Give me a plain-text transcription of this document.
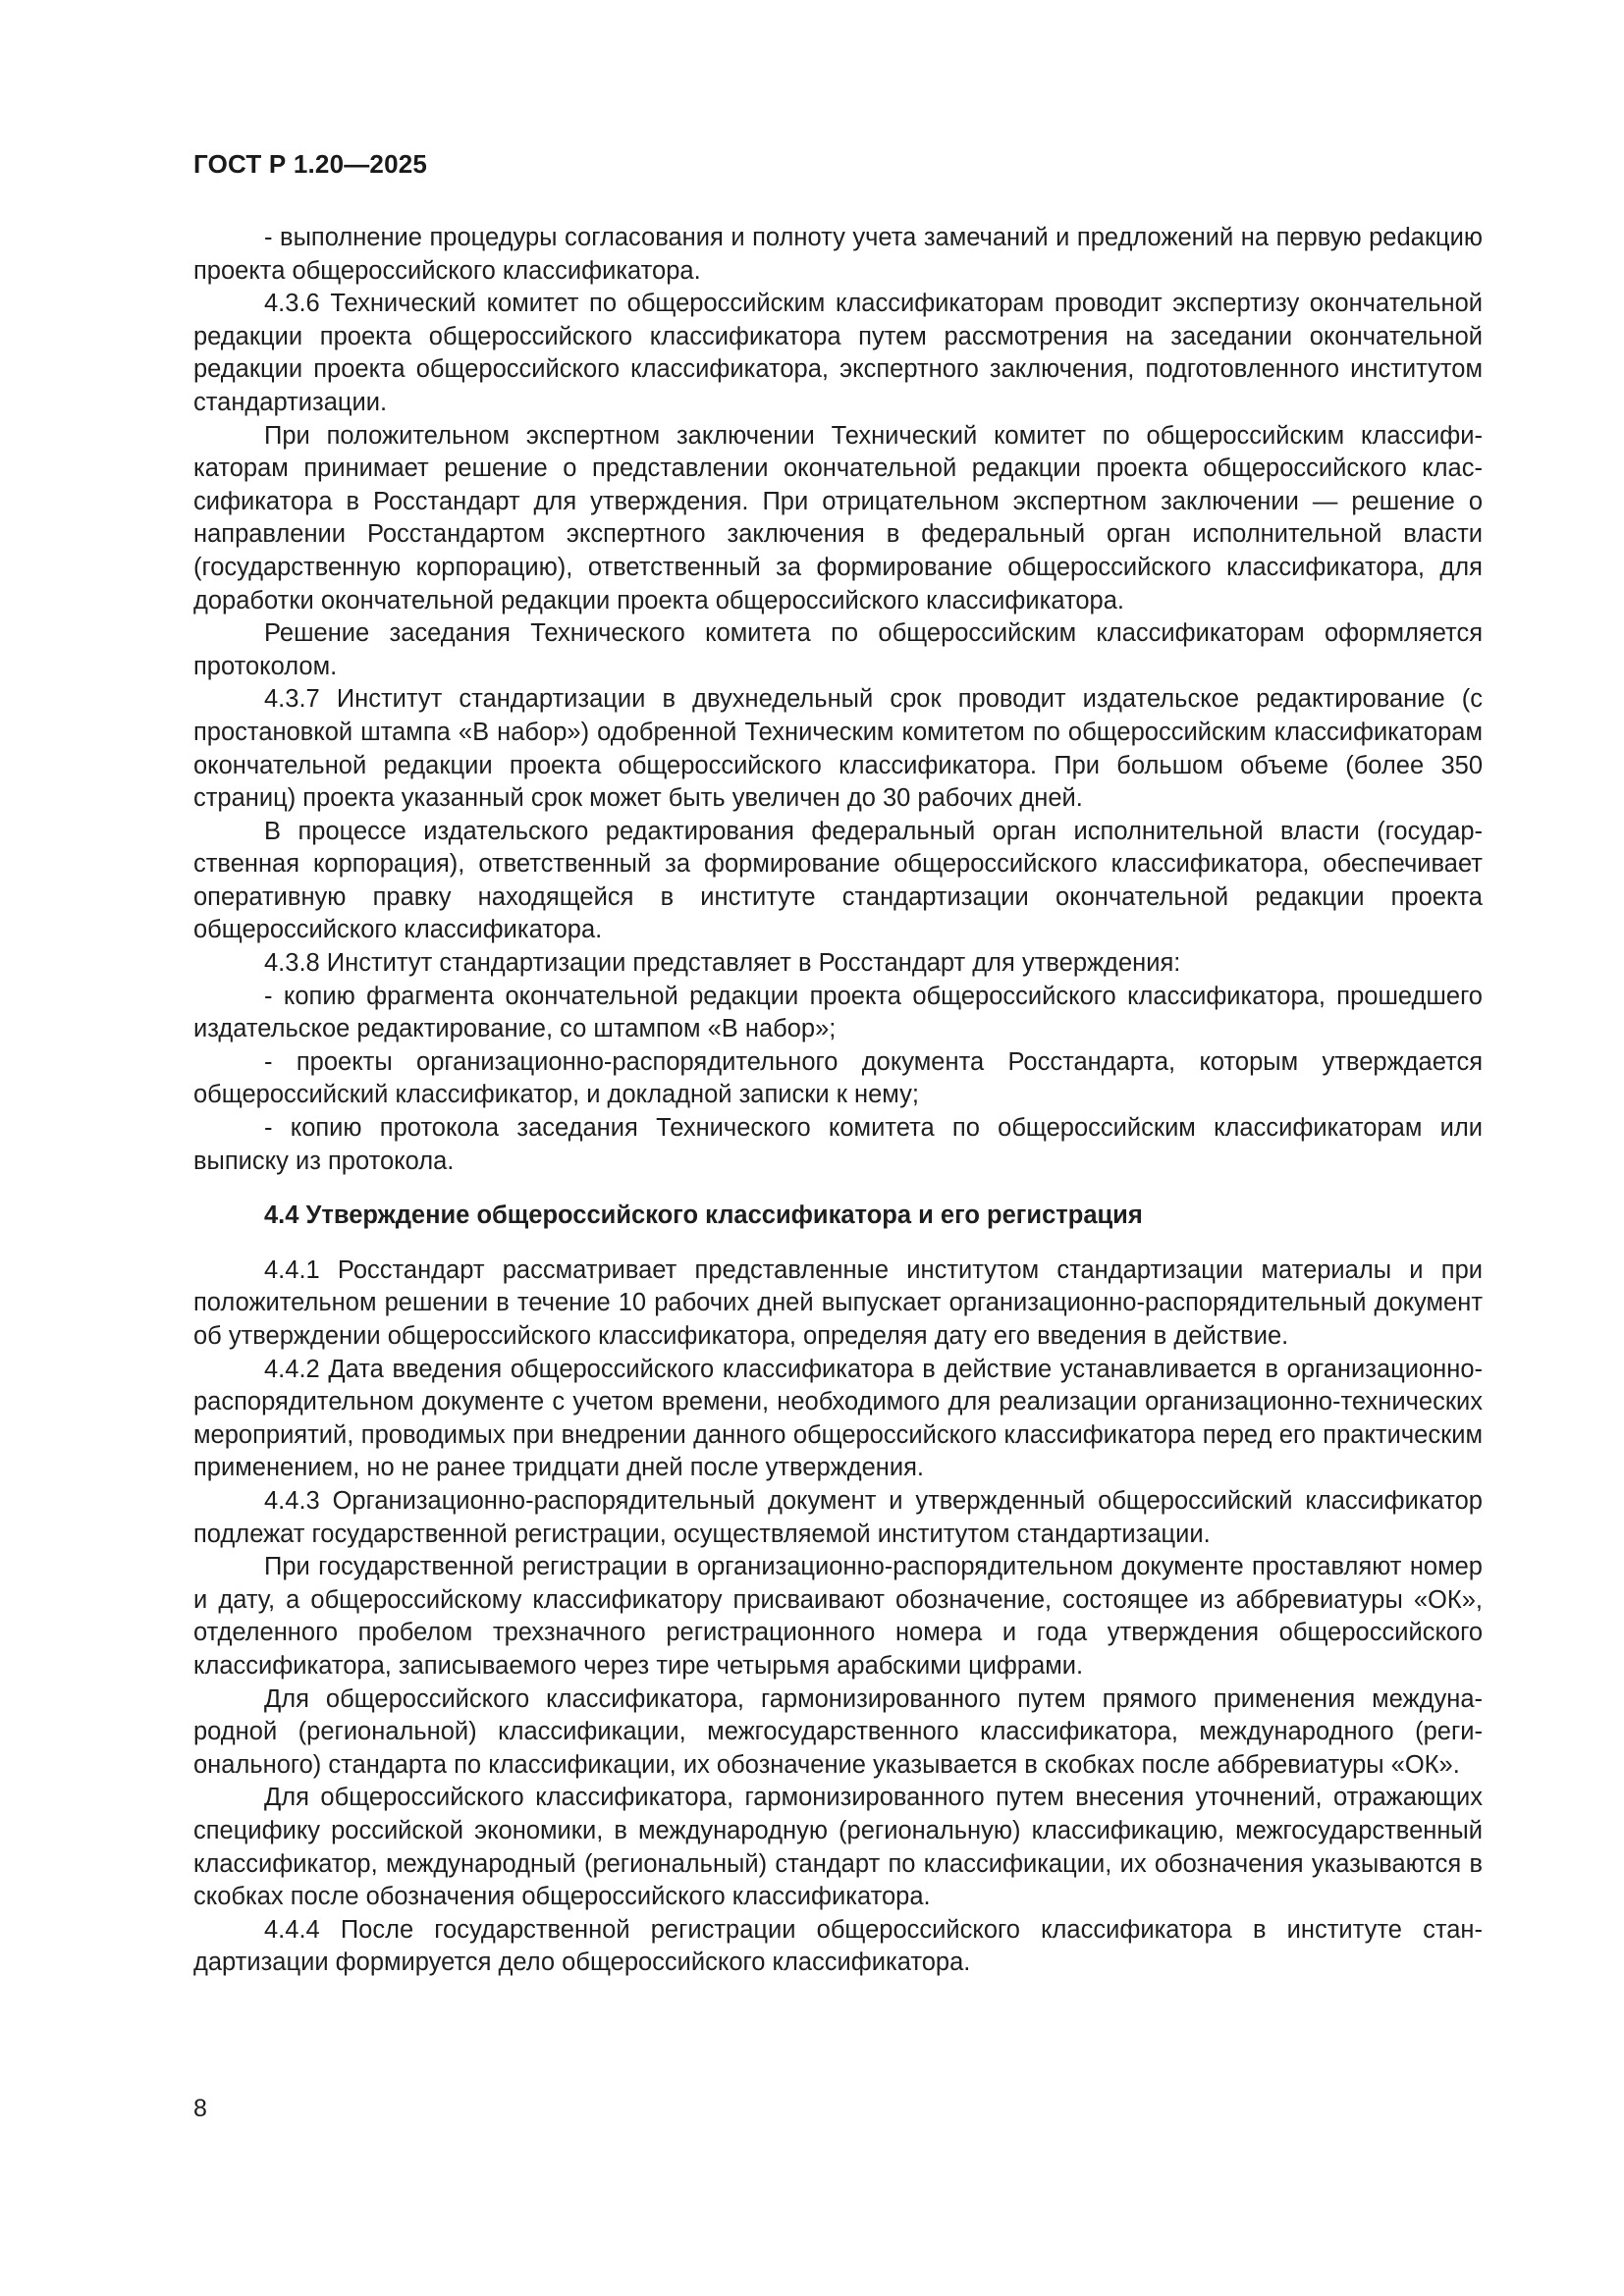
ГОСТ Р 1.20—2025

- выполнение процедуры согласования и полноту учета замечаний и предложений на первую реdакцию проекта общероссийского классификатора.

4.3.6 Технический комитет по общероссийским классификаторам проводит экспертизу окончательной редакции проекта общероссийского классификатора путем рассмотрения на заседании окончательной редакции проекта общероссийского классификатора, экспертного заключения, подготовленного институтом стандартизации.

При положительном экспертном заключении Технический комитет по общероссийским классификаторам принимает решение о представлении окончательной редакции проекта общероссийского классификатора в Росстандарт для утверждения. При отрицательном экспертном заключении — решение о направлении Росстандартом экспертного заключения в федеральный орган исполнительной власти (государственную корпорацию), ответственный за формирование общероссийского классификатора, для доработки окончательной редакции проекта общероссийского классификатора.

Решение заседания Технического комитета по общероссийским классификаторам оформляется протоколом.

4.3.7 Институт стандартизации в двухнедельный срок проводит издательское редактирование (с простановкой штампа «В набор») одобренной Техническим комитетом по общероссийским классификаторам окончательной редакции проекта общероссийского классификатора. При большом объеме (более 350 страниц) проекта указанный срок может быть увеличен до 30 рабочих дней.

В процессе издательского редактирования федеральный орган исполнительной власти (государственная корпорация), ответственный за формирование общероссийского классификатора, обеспечивает оперативную правку находящейся в институте стандартизации окончательной редакции проекта общероссийского классификатора.

4.3.8 Институт стандартизации представляет в Росстандарт для утверждения:

- копию фрагмента окончательной редакции проекта общероссийского классификатора, прошедшего издательское редактирование, со штампом «В набор»;

- проекты организационно-распорядительного документа Росстандарта, которым утверждается общероссийский классификатор, и докладной записки к нему;

- копию протокола заседания Технического комитета по общероссийским классификаторам или выписку из протокола.

4.4 Утверждение общероссийского классификатора и его регистрация

4.4.1 Росстандарт рассматривает представленные институтом стандартизации материалы и при положительном решении в течение 10 рабочих дней выпускает организационно-распорядительный документ об утверждении общероссийского классификатора, определяя дату его введения в действие.

4.4.2 Дата введения общероссийского классификатора в действие устанавливается в организационно-распорядительном документе с учетом времени, необходимого для реализации организационно-технических мероприятий, проводимых при внедрении данного общероссийского классификатора перед его практическим применением, но не ранее тридцати дней после утверждения.

4.4.3 Организационно-распорядительный документ и утвержденный общероссийский классификатор подлежат государственной регистрации, осуществляемой институтом стандартизации.

При государственной регистрации в организационно-распорядительном документе проставляют номер и дату, а общероссийскому классификатору присваивают обозначение, состоящее из аббревиатуры «ОК», отделенного пробелом трехзначного регистрационного номера и года утверждения общероссийского классификатора, записываемого через тире четырьмя арабскими цифрами.

Для общероссийского классификатора, гармонизированного путем прямого применения международной (региональной) классификации, межгосударственного классификатора, международного (регионального) стандарта по классификации, их обозначение указывается в скобках после аббревиатуры «ОК».

Для общероссийского классификатора, гармонизированного путем внесения уточнений, отражающих специфику российской экономики, в международную (региональную) классификацию, межгосударственный классификатор, международный (региональный) стандарт по классификации, их обозначения указываются в скобках после обозначения общероссийского классификатора.

4.4.4 После государственной регистрации общероссийского классификатора в институте стандартизации формируется дело общероссийского классификатора.

8
